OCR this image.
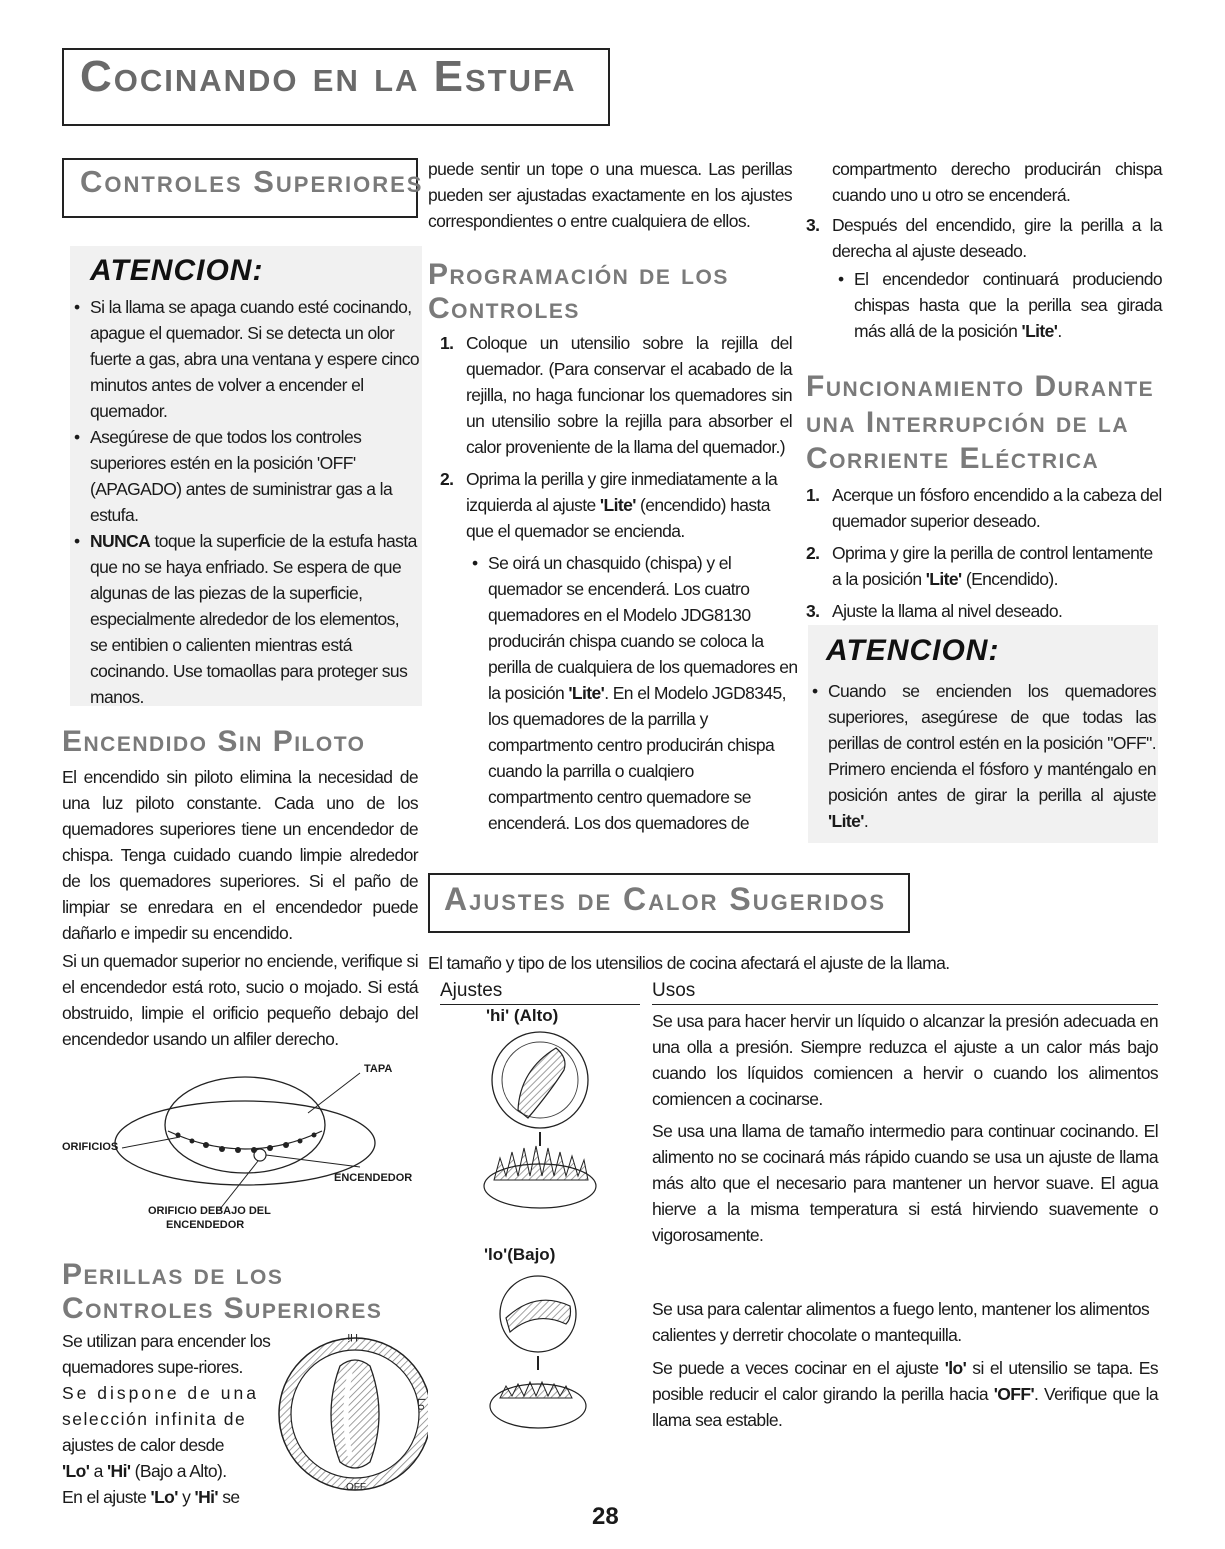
Cocinando en la Estufa
Controles Superiores
ATENCION:
• Si la llama se apaga cuando esté cocinando, apague el quemador. Si se detecta un olor fuerte a gas, abra una ventana y espere cinco minutos antes de volver a encender el quemador.
• Asegúrese de que todos los controles superiores estén en la posición 'OFF' (APAGADO) antes de suministrar gas a la estufa.
• NUNCA toque la superficie de la estufa hasta que no se haya enfriado. Se espera de que algunas de las piezas de la superficie, especialmente alrededor de los elementos, se entibien o calienten mientras está cocinando. Use tomaollas para proteger sus manos.
Encendido Sin Piloto
El encendido sin piloto elimina la necesidad de una luz piloto constante. Cada uno de los quemadores superiores tiene un encendedor de chispa. Tenga cuidado cuando limpie alrededor de los quemadores superiores. Si el paño de limpiar se enredara en el encendedor puede dañarlo e impedir su encendido.
Si un quemador superior no enciende, verifique si el encendedor está roto, sucio o mojado. Si está obstruido, limpie el orificio pequeño debajo del encendedor usando un alfiler derecho.
TAPA
ORIFICIOS
ENCENDEDOR
ORIFICIO DEBAJO DEL
ENCENDEDOR
Perillas de los
Controles Superiores
Se utilizan para encender los
quemadores supe-riores.
Se dispone de una
selección infinita de
ajustes de calor desde
'Lo' a 'Hi' (Bajo a Alto).
En el ajuste 'Lo' y 'Hi' se
Hi
Lo
OFF
puede sentir un tope o una muesca. Las perillas pueden ser ajustadas exactamente en los ajustes correspondientes o entre cualquiera de ellos.
Programación de los
Controles
1. Coloque un utensilio sobre la rejilla del quemador. (Para conservar el acabado de la rejilla, no haga funcionar los quemadores sin un utensilio sobre la rejilla para absorber el calor proveniente de la llama del quemador.)
2. Oprima la perilla y gire inmediatamente a la izquierda al ajuste 'Lite' (encendido) hasta que el quemador se encienda.
• Se oirá un chasquido (chispa) y el quemador se encenderá. Los cuatro quemadores en el Modelo JDG8130 producirán chispa cuando se coloca la perilla de cualquiera de los quemadores en la posición 'Lite'. En el Modelo JGD8345, los quemadores de la parrilla y compartmento centro producirán chispa cuando la parrilla o cualqiero compartmento centro quemadore se encenderá. Los dos quemadores de
compartmento derecho producirán chispa cuando uno u otro se encenderá.
3. Después del encendido, gire la perilla a la derecha al ajuste deseado.
• El encendedor continuará produciendo chispas hasta que la perilla sea girada más allá de la posición 'Lite'.
Funcionamiento Durante
una Interrupción de la
Corriente Eléctrica
1. Acerque un fósforo encendido a la cabeza del quemador superior deseado.
2. Oprima y gire la perilla de control lentamente a la posición 'Lite' (Encendido).
3. Ajuste la llama al nivel deseado.
ATENCION:
• Cuando se encienden los quemadores superiores, asegúrese de que todas las perillas de control estén en la posición "OFF". Primero encienda el fósforo y manténgalo en posición antes de girar la perilla al ajuste 'Lite'.
Ajustes de Calor Sugeridos
El tamaño y tipo de los utensilios de cocina afectará el ajuste de la llama.
Ajustes	Usos
'hi' (Alto)	Se usa para hacer hervir un líquido o alcanzar la presión adecuada en una olla a presión. Siempre reduzca el ajuste a un calor más bajo cuando los líquidos comiencen a hervir o cuando los alimentos comiencen a cocinarse.
Se usa una llama de tamaño intermedio para continuar cocinando. El alimento no se cocinará más rápido cuando se usa un ajuste de llama más alto que el necesario para mantener un hervor suave. El agua hierve a la misma temperatura si está hirviendo suavemente o vigorosamente.
'lo'(Bajo)
Se usa para calentar alimentos a fuego lento, mantener los alimentos calientes y derretir chocolate o mantequilla.
Se puede a veces cocinar en el ajuste 'lo' si el utensilio se tapa. Es posible reducir el calor girando la perilla hacia 'OFF'. Verifique que la llama sea estable.
28
